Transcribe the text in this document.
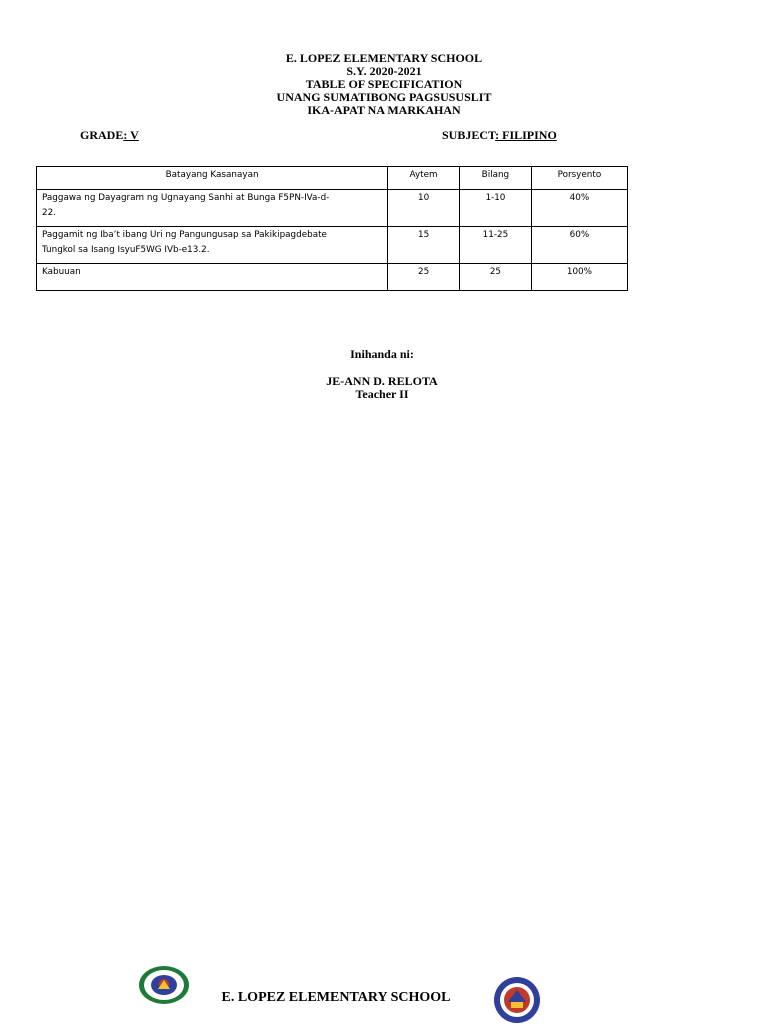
E. LOPEZ ELEMENTARY SCHOOL
S.Y. 2020-2021
TABLE OF SPECIFICATION
UNANG SUMATIBONG PAGSUSUSLIT
IKA-APAT NA MARKAHAN
GRADE: V	SUBJECT: FILIPINO
Batayang Kasanayan	Aytem	Bilang	Porsyento
Paggawa ng Dayagram ng Ugnayang Sanhi at Bunga F5PN-IVa-d-
22.	10	1-10	40%
Paggamit ng Iba’t ibang Uri ng Pangungusap sa Pakikipagdebate
Tungkol sa Isang IsyuF5WG IVb-e13.2.	15	11-25	60%
Kabuuan	25	25	100%
Inihanda ni:
JE-ANN D. RELOTA
Teacher II
E. LOPEZ ELEMENTARY SCHOOL
